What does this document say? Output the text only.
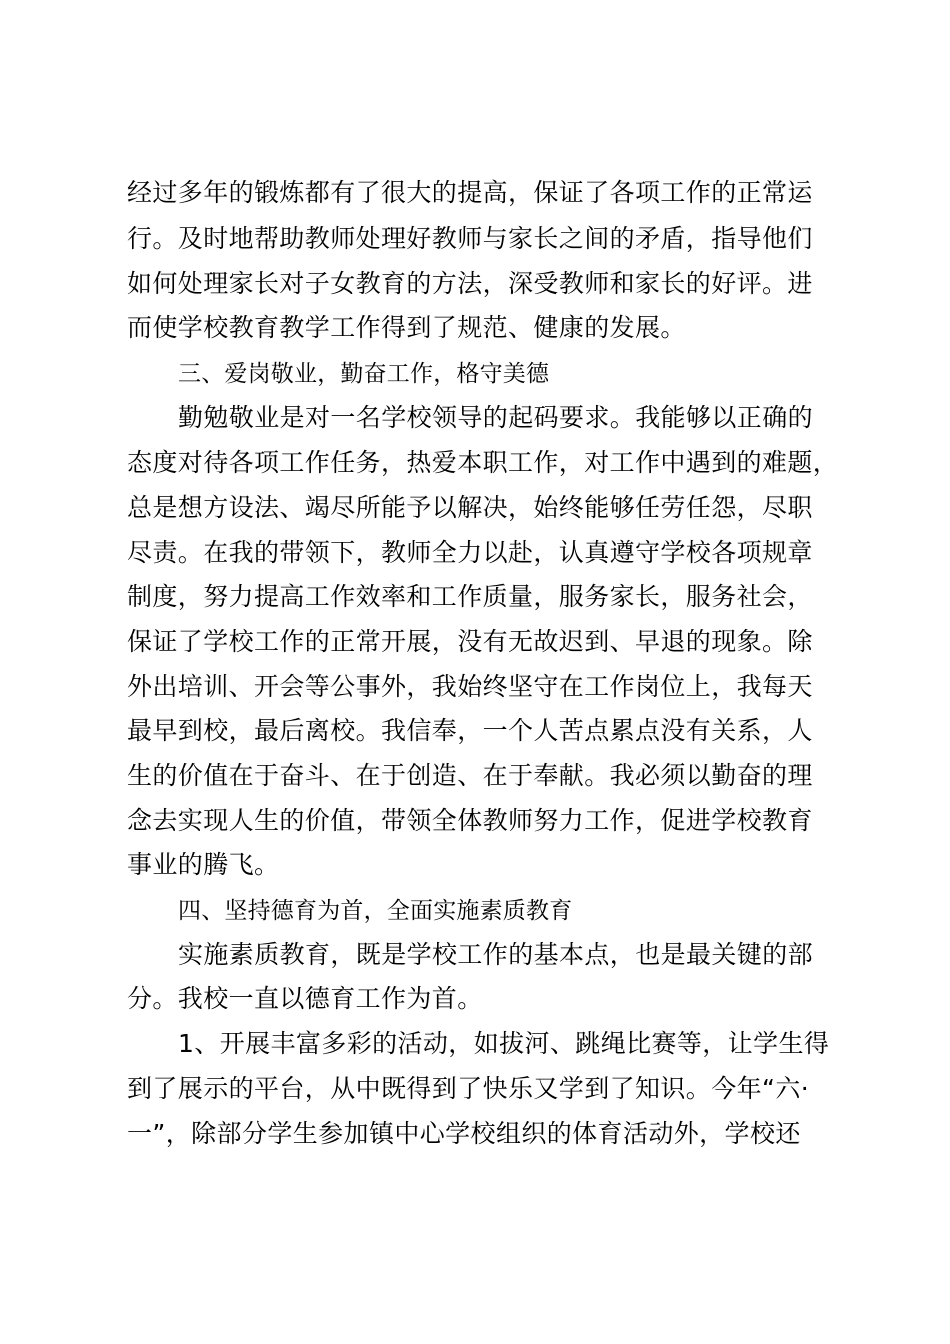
经过多年的锻炼都有了很大的提高，保证了各项工作的正常运
行。及时地帮助教师处理好教师与家长之间的矛盾，指导他们
如何处理家长对子女教育的方法，深受教师和家长的好评。进
而使学校教育教学工作得到了规范、健康的发展。
三、爱岗敬业，勤奋工作，格守美德
勤勉敬业是对一名学校领导的起码要求。我能够以正确的
态度对待各项工作任务，热爱本职工作，对工作中遇到的难题，
总是想方设法、竭尽所能予以解决，始终能够任劳任怨，尽职
尽责。在我的带领下，教师全力以赴，认真遵守学校各项规章
制度，努力提高工作效率和工作质量，服务家长，服务社会，
保证了学校工作的正常开展，没有无故迟到、早退的现象。除
外出培训、开会等公事外，我始终坚守在工作岗位上，我每天
最早到校，最后离校。我信奉，一个人苦点累点没有关系，人
生的价值在于奋斗、在于创造、在于奉献。我必须以勤奋的理
念去实现人生的价值，带领全体教师努力工作，促进学校教育
事业的腾飞。
四、坚持德育为首，全面实施素质教育
实施素质教育，既是学校工作的基本点，也是最关键的部
分。我校一直以德育工作为首。
1、开展丰富多彩的活动，如拔河、跳绳比赛等，让学生得
到了展示的平台，从中既得到了快乐又学到了知识。今年“六·
一”，除部分学生参加镇中心学校组织的体育活动外，学校还
